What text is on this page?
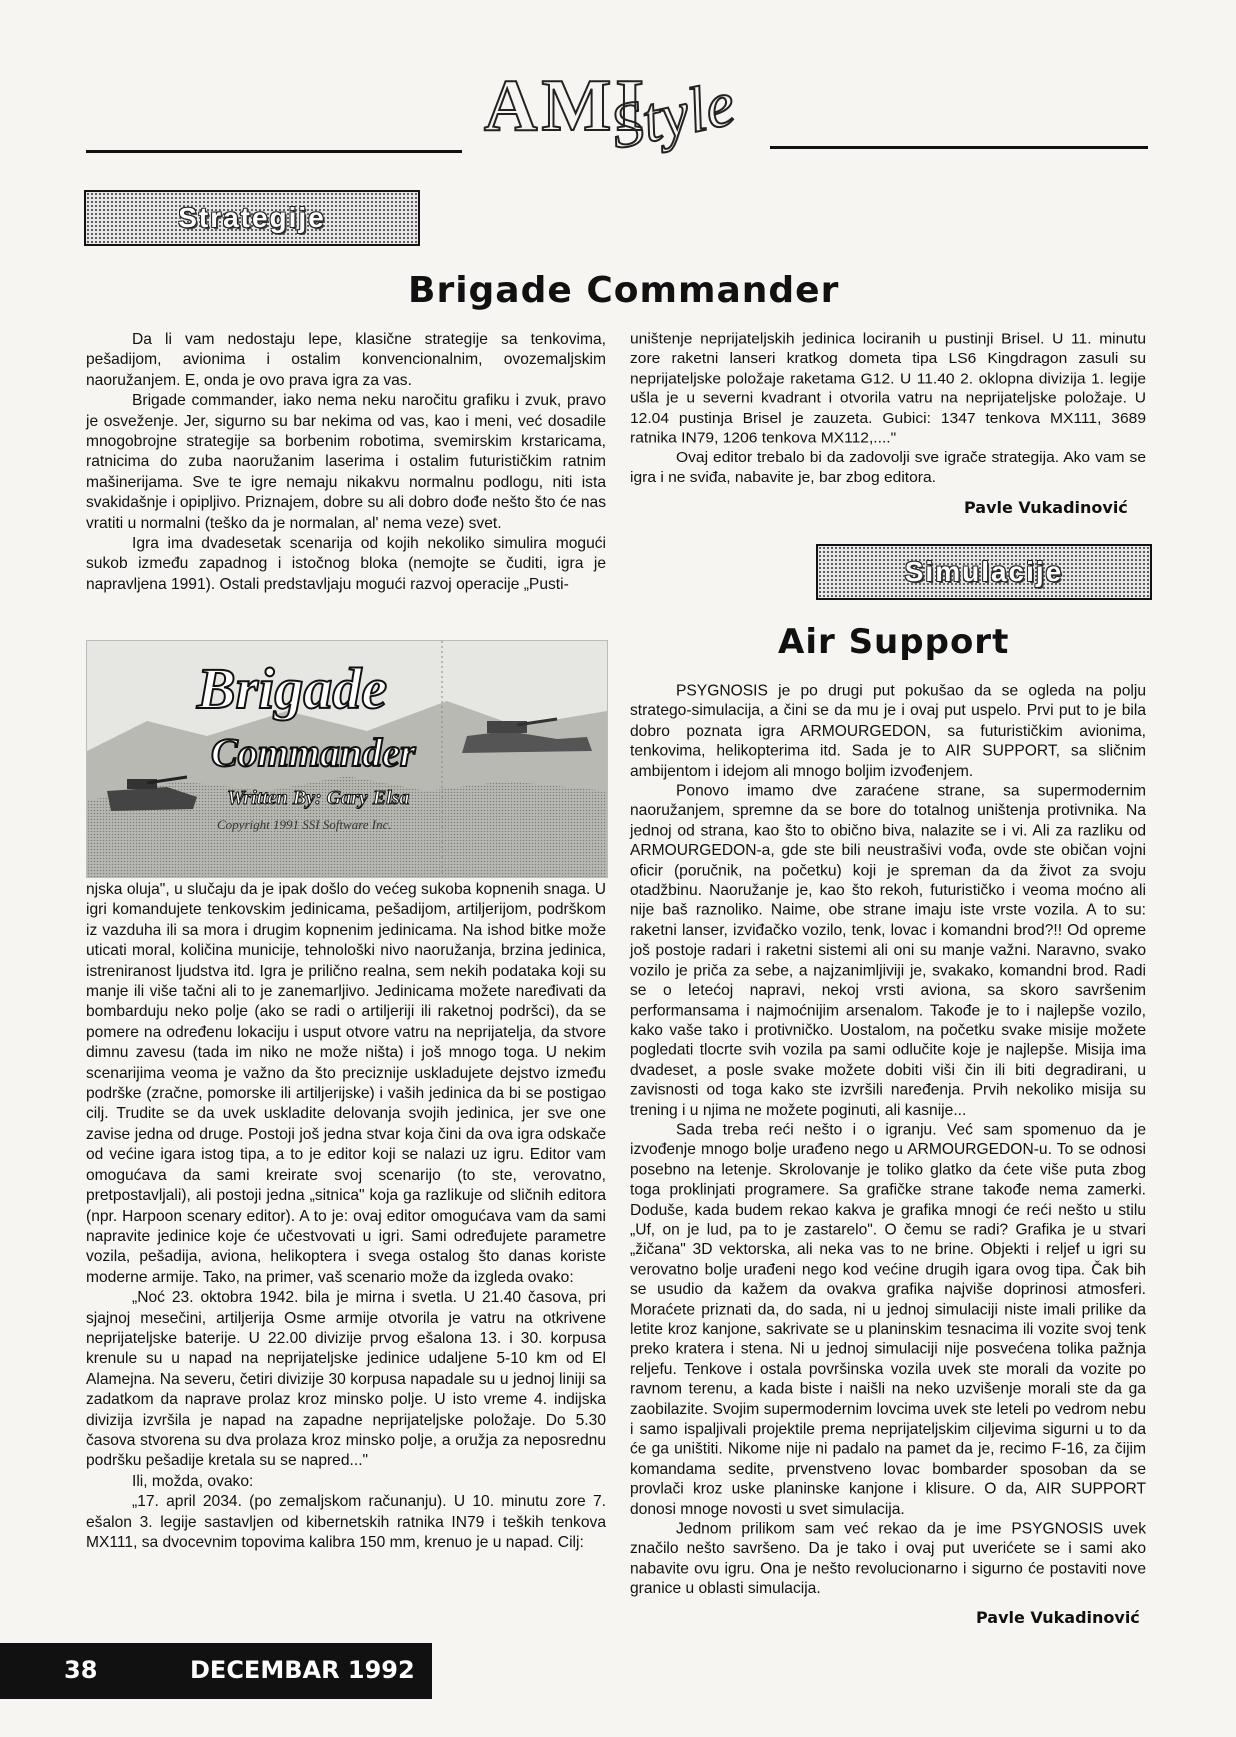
AMI
Style
Strategije
Brigade Commander

Da li vam nedostaju lepe, klasične strategije sa tenkovima, pešadijom, avionima i ostalim konvencionalnim, ovozemaljskim naoružanjem. E, onda je ovo prava igra za vas.

Brigade commander, iako nema neku naročitu grafiku i zvuk, pravo je osveženje. Jer, sigurno su bar nekima od vas, kao i meni, već dosadile mnogobrojne strategije sa borbenim robotima, svemirskim krstaricama, ratnicima do zuba naoružanim laserima i ostalim futurističkim ratnim mašinerijama. Sve te igre nemaju nikakvu normalnu podlogu, niti ista svakidašnje i opipljivo. Priznajem, dobre su ali dobro dođe nešto što će nas vratiti u normalni (teško da je normalan, al' nema veze) svet.

Igra ima dvadesetak scenarija od kojih nekoliko simulira mogući sukob između zapadnog i istočnog bloka (nemojte se čuditi, igra je napravljena 1991). Ostali predstavljaju mogući razvoj operacije „Pusti-

Brigade
Commander
Written By: Gary Elsa
Copyright 1991 SSI Software Inc.

njska oluja", u slučaju da je ipak došlo do većeg sukoba kopnenih snaga. U igri komandujete tenkovskim jedinicama, pešadijom, artiljerijom, podrškom iz vazduha ili sa mora i drugim kopnenim jedinicama. Na ishod bitke može uticati moral, količina municije, tehnološki nivo naoružanja, brzina jedinica, istreniranost ljudstva itd. Igra je prilično realna, sem nekih podataka koji su manje ili više tačni ali to je zanemarljivo. Jedinicama možete naređivati da bombarduju neko polje (ako se radi o artiljeriji ili raketnoj podršci), da se pomere na određenu lokaciju i usput otvore vatru na neprijatelja, da stvore dimnu zavesu (tada im niko ne može ništa) i još mnogo toga. U nekim scenarijima veoma je važno da što preciznije uskladujete dejstvo između podrške (zračne, pomorske ili artiljerijske) i vaših jedinica da bi se postigao cilj. Trudite se da uvek uskladite delovanja svojih jedinica, jer sve one zavise jedna od druge. Postoji još jedna stvar koja čini da ova igra odskače od većine igara istog tipa, a to je editor koji se nalazi uz igru. Editor vam omogućava da sami kreirate svoj scenarijo (to ste, verovatno, pretpostavljali), ali postoji jedna „sitnica" koja ga razlikuje od sličnih editora (npr. Harpoon scenary editor). A to je: ovaj editor omogućava vam da sami napravite jedinice koje će učestvovati u igri. Sami određujete parametre vozila, pešadija, aviona, helikoptera i svega ostalog što danas koriste moderne armije. Tako, na primer, vaš scenario može da izgleda ovako:

„Noć 23. oktobra 1942. bila je mirna i svetla. U 21.40 časova, pri sjajnoj mesečini, artiljerija Osme armije otvorila je vatru na otkrivene neprijateljske baterije. U 22.00 divizije prvog ešalona 13. i 30. korpusa krenule su u napad na neprijateljske jedinice udaljene 5-10 km od El Alamejna. Na severu, četiri divizije 30 korpusa napadale su u jednoj liniji sa zadatkom da naprave prolaz kroz minsko polje. U isto vreme 4. indijska divizija izvršila je napad na zapadne neprijateljske položaje. Do 5.30 časova stvorena su dva prolaza kroz minsko polje, a oružja za neposrednu podršku pešadije kretala su se napred..."

Ili, možda, ovako:

„17. april 2034. (po zemaljskom računanju). U 10. minutu zore 7. ešalon 3. legije sastavljen od kibernetskih ratnika IN79 i teških tenkova MX111, sa dvocevnim topovima kalibra 150 mm, krenuo je u napad. Cilj:

uništenje neprijateljskih jedinica lociranih u pustinji Brisel. U 11. minutu zore raketni lanseri kratkog dometa tipa LS6 Kingdragon zasuli su neprijateljske položaje raketama G12. U 11.40 2. oklopna divizija 1. legije ušla je u severni kvadrant i otvorila vatru na neprijateljske položaje. U 12.04 pustinja Brisel je zauzeta. Gubici: 1347 tenkova MX111, 3689 ratnika IN79, 1206 tenkova MX112,...."

Ovaj editor trebalo bi da zadovolji sve igrače strategija. Ako vam se igra i ne sviđa, nabavite je, bar zbog editora.

Pavle Vukadinović
Simulacije
Air Support

PSYGNOSIS je po drugi put pokušao da se ogleda na polju stratego-simulacija, a čini se da mu je i ovaj put uspelo. Prvi put to je bila dobro poznata igra ARMOURGEDON, sa futurističkim avionima, tenkovima, helikopterima itd. Sada je to AIR SUPPORT, sa sličnim ambijentom i idejom ali mnogo boljim izvođenjem.

Ponovo imamo dve zaraćene strane, sa supermodernim naoružanjem, spremne da se bore do totalnog uništenja protivnika. Na jednoj od strana, kao što to obično biva, nalazite se i vi. Ali za razliku od ARMOURGEDON-a, gde ste bili neustrašivi vođa, ovde ste običan vojni oficir (poručnik, na početku) koji je spreman da da život za svoju otadžbinu. Naoružanje je, kao što rekoh, futurističko i veoma moćno ali nije baš raznoliko. Naime, obe strane imaju iste vrste vozila. A to su: raketni lanser, izviđačko vozilo, tenk, lovac i komandni brod?!! Od opreme još postoje radari i raketni sistemi ali oni su manje važni. Naravno, svako vozilo je priča za sebe, a najzanimljiviji je, svakako, komandni brod. Radi se o letećoj napravi, nekoj vrsti aviona, sa skoro savršenim performansama i najmoćnijim arsenalom. Takođe je to i najlepše vozilo, kako vaše tako i protivničko. Uostalom, na početku svake misije možete pogledati tlocrte svih vozila pa sami odlučite koje je najlepše. Misija ima dvadeset, a posle svake možete dobiti viši čin ili biti degradirani, u zavisnosti od toga kako ste izvršili naređenja. Prvih nekoliko misija su trening i u njima ne možete poginuti, ali kasnije...

Sada treba reći nešto i o igranju. Već sam spomenuo da je izvođenje mnogo bolje urađeno nego u ARMOURGEDON-u. To se odnosi posebno na letenje. Skrolovanje je toliko glatko da ćete više puta zbog toga proklinjati programere. Sa grafičke strane takođe nema zamerki. Doduše, kada budem rekao kakva je grafika mnogi će reći nešto u stilu „Uf, on je lud, pa to je zastarelo". O čemu se radi? Grafika je u stvari „žičana" 3D vektorska, ali neka vas to ne brine. Objekti i reljef u igri su verovatno bolje urađeni nego kod većine drugih igara ovog tipa. Čak bih se usudio da kažem da ovakva grafika najviše doprinosi atmosferi. Moraćete priznati da, do sada, ni u jednoj simulaciji niste imali prilike da letite kroz kanjone, sakrivate se u planinskim tesnacima ili vozite svoj tenk preko kratera i stena. Ni u jednoj simulaciji nije posvećena tolika pažnja reljefu. Tenkove i ostala površinska vozila uvek ste morali da vozite po ravnom terenu, a kada biste i naišli na neko uzvišenje morali ste da ga zaobilazite. Svojim supermodernim lovcima uvek ste leteli po vedrom nebu i samo ispaljivali projektile prema neprijateljskim ciljevima sigurni u to da će ga uništiti. Nikome nije ni padalo na pamet da je, recimo F-16, za čijim komandama sedite, prvenstveno lovac bombarder sposoban da se provlači kroz uske planinske kanjone i klisure. O da, AIR SUPPORT donosi mnoge novosti u svet simulacija.

Jednom prilikom sam već rekao da je ime PSYGNOSIS uvek značilo nešto savršeno. Da je tako i ovaj put uverićete se i sami ako nabavite ovu igru. Ona je nešto revolucionarno i sigurno će postaviti nove granice u oblasti simulacija.

Pavle Vukadinović
38	DECEMBAR 1992
